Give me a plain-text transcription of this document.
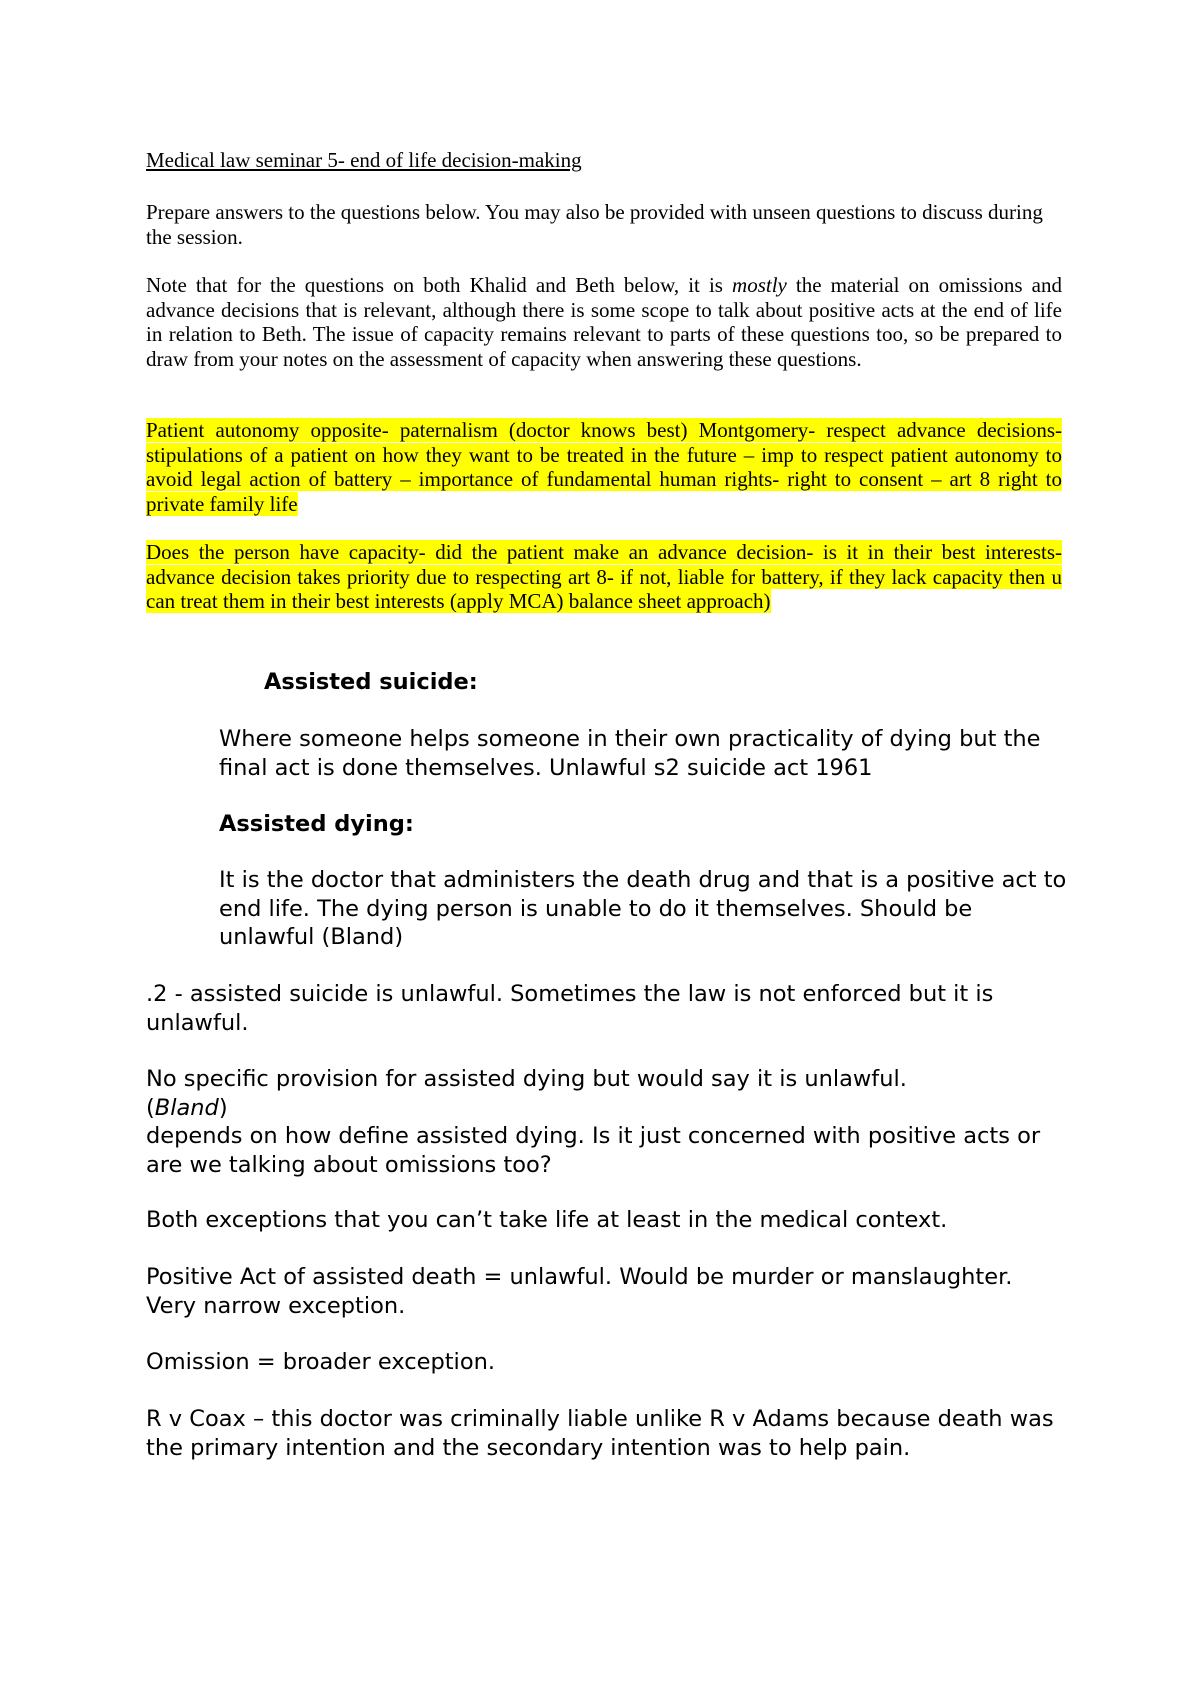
Medical law seminar 5- end of life decision-making

Prepare answers to the questions below. You may also be provided with unseen questions to discuss during the session.

Note that for the questions on both Khalid and Beth below, it is mostly the material on omissions and advance decisions that is relevant, although there is some scope to talk about positive acts at the end of life in relation to Beth. The issue of capacity remains relevant to parts of these questions too, so be prepared to draw from your notes on the assessment of capacity when answering these questions.

Patient autonomy opposite- paternalism (doctor knows best) Montgomery- respect advance decisions- stipulations of a patient on how they want to be treated in the future – imp to respect patient autonomy to avoid legal action of battery – importance of fundamental human rights- right to consent – art 8 right to private family life

Does the person have capacity- did the patient make an advance decision- is it in their best interests- advance decision takes priority due to respecting art 8- if not, liable for battery, if they lack capacity then u can treat them in their best interests (apply MCA) balance sheet approach)

Assisted suicide:

Where someone helps someone in their own practicality of dying but the final act is done themselves. Unlawful s2 suicide act 1961

Assisted dying:

It is the doctor that administers the death drug and that is a positive act to end life. The dying person is unable to do it themselves. Should be unlawful (Bland)

.2 - assisted suicide is unlawful. Sometimes the law is not enforced but it is unlawful.

No specific provision for assisted dying but would say it is unlawful.
(Bland)
depends on how define assisted dying. Is it just concerned with positive acts or are we talking about omissions too?

Both exceptions that you can’t take life at least in the medical context.

Positive Act of assisted death = unlawful. Would be murder or manslaughter. Very narrow exception.

Omission = broader exception.

R v Coax – this doctor was criminally liable unlike R v Adams because death was the primary intention and the secondary intention was to help pain.
